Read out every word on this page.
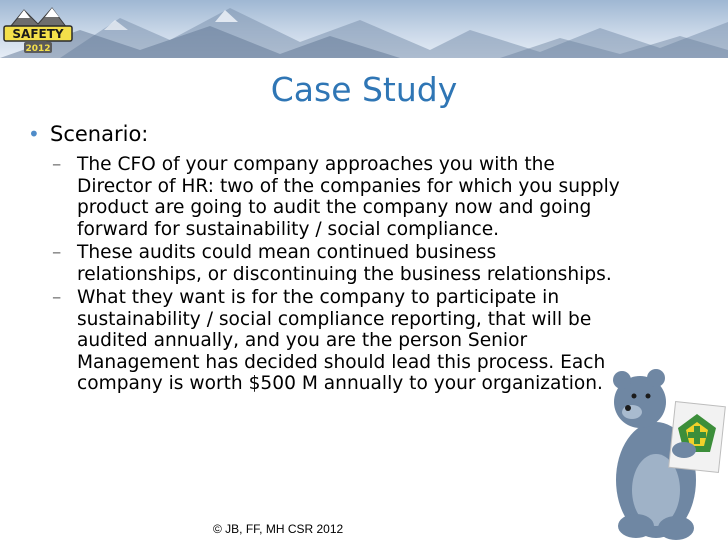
SAFETY
2012
Case Study
• Scenario:
– The CFO of your company approaches you with the Director of HR: two of the companies for which you supply product are going to audit the company now and going forward for sustainability / social compliance.
– These audits could mean continued business relationships, or discontinuing the business relationships.
– What they want is for the company to participate in sustainability / social compliance reporting, that will be audited annually, and you are the person Senior Management has decided should lead this process. Each company is worth $500 M annually to your organization.
© JB, FF, MH CSR 2012
